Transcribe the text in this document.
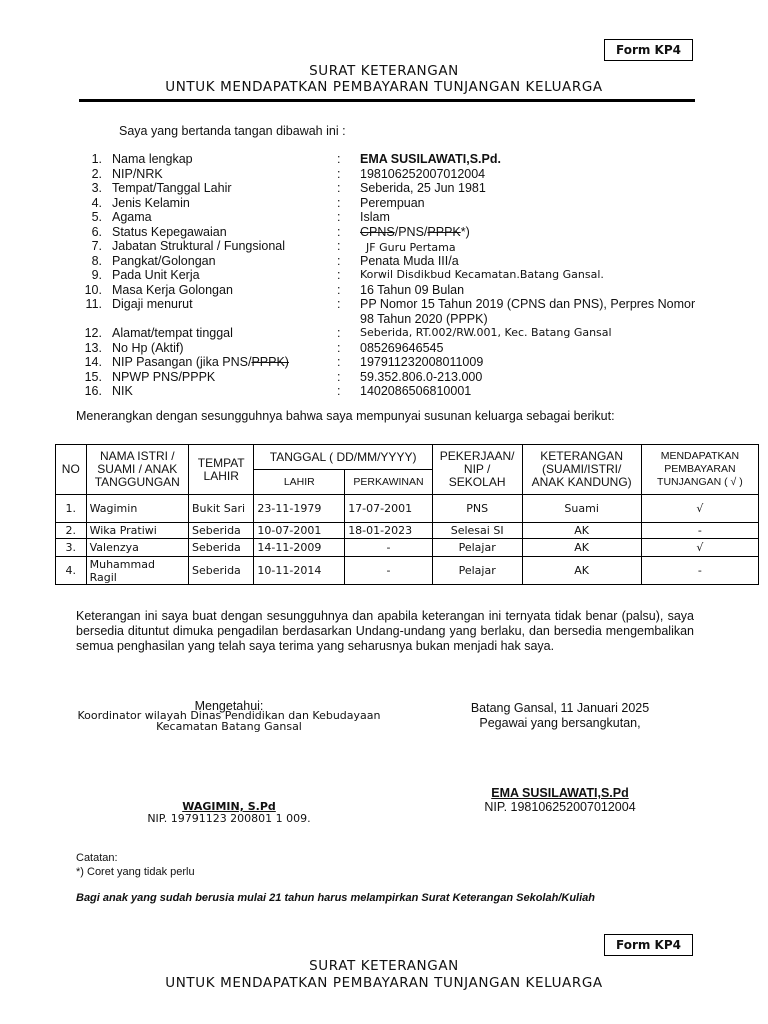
Form KP4
SURAT KETERANGAN
UNTUK MENDAPATKAN PEMBAYARAN TUNJANGAN KELUARGA
Saya yang bertanda tangan dibawah ini :
1. Nama lengkap	: EMA SUSILAWATI,S.Pd.
2. NIP/NRK	: 198106252007012004
3. Tempat/Tanggal Lahir	: Seberida, 25 Jun 1981
4. Jenis Kelamin	: Perempuan
5. Agama	: Islam
6. Status Kepegawaian	: CPNS/PNS/PPPK*)
7. Jabatan Struktural / Fungsional	: JF Guru Pertama
8. Pangkat/Golongan	: Penata Muda III/a
9. Pada Unit Kerja	: Korwil Disdikbud Kecamatan.Batang Gansal.
10. Masa Kerja Golongan	: 16 Tahun 09 Bulan
11. Digaji menurut	: PP Nomor 15 Tahun 2019 (CPNS dan PNS), Perpres Nomor 98 Tahun 2020 (PPPK)
12. Alamat/tempat tinggal	: Seberida, RT.002/RW.001, Kec. Batang Gansal
13. No Hp (Aktif)	: 085269646545
14. NIP Pasangan (jika PNS/PPPK)	: 197911232008011009
15. NPWP PNS/PPPK	: 59.352.806.0-213.000
16. NIK	: 1402086506810001
Menerangkan dengan sesungguhnya bahwa saya mempunyai susunan keluarga sebagai berikut:
NO	NAMA ISTRI / SUAMI / ANAK TANGGUNGAN	TEMPAT LAHIR	TANGGAL ( DD/MM/YYYY)		PEKERJAAN/ NIP / SEKOLAH	KETERANGAN (SUAMI/ISTRI/ ANAK KANDUNG)	MENDAPATKAN PEMBAYARAN TUNJANGAN ( √ )
			LAHIR	PERKAWINAN			
1.	Wagimin	Bukit Sari	23-11-1979	17-07-2001	PNS	Suami	√
2.	Wika Pratiwi	Seberida	10-07-2001	18-01-2023	Selesai SI	AK	-
3.	Valenzya	Seberida	14-11-2009	-	Pelajar	AK	√
4.	Muhammad Ragil	Seberida	10-11-2014	-	Pelajar	AK	-
Keterangan ini saya buat dengan sesungguhnya dan apabila keterangan ini ternyata tidak benar (palsu), saya bersedia dituntut dimuka pengadilan berdasarkan Undang-undang yang berlaku, dan bersedia mengembalikan semua penghasilan yang telah saya terima yang seharusnya bukan menjadi hak saya.
Mengetahui:
Koordinator wilayah Dinas Pendidikan dan Kebudayaan
Kecamatan Batang Gansal
WAGIMIN, S.Pd
NIP. 19791123 200801 1 009.
Batang Gansal, 11 Januari 2025
Pegawai yang bersangkutan,
EMA SUSILAWATI,S.Pd
NIP. 198106252007012004
Catatan:
*) Coret yang tidak perlu
Bagi anak yang sudah berusia mulai 21 tahun harus melampirkan Surat Keterangan Sekolah/Kuliah
Form KP4
SURAT KETERANGAN
UNTUK MENDAPATKAN PEMBAYARAN TUNJANGAN KELUARGA
